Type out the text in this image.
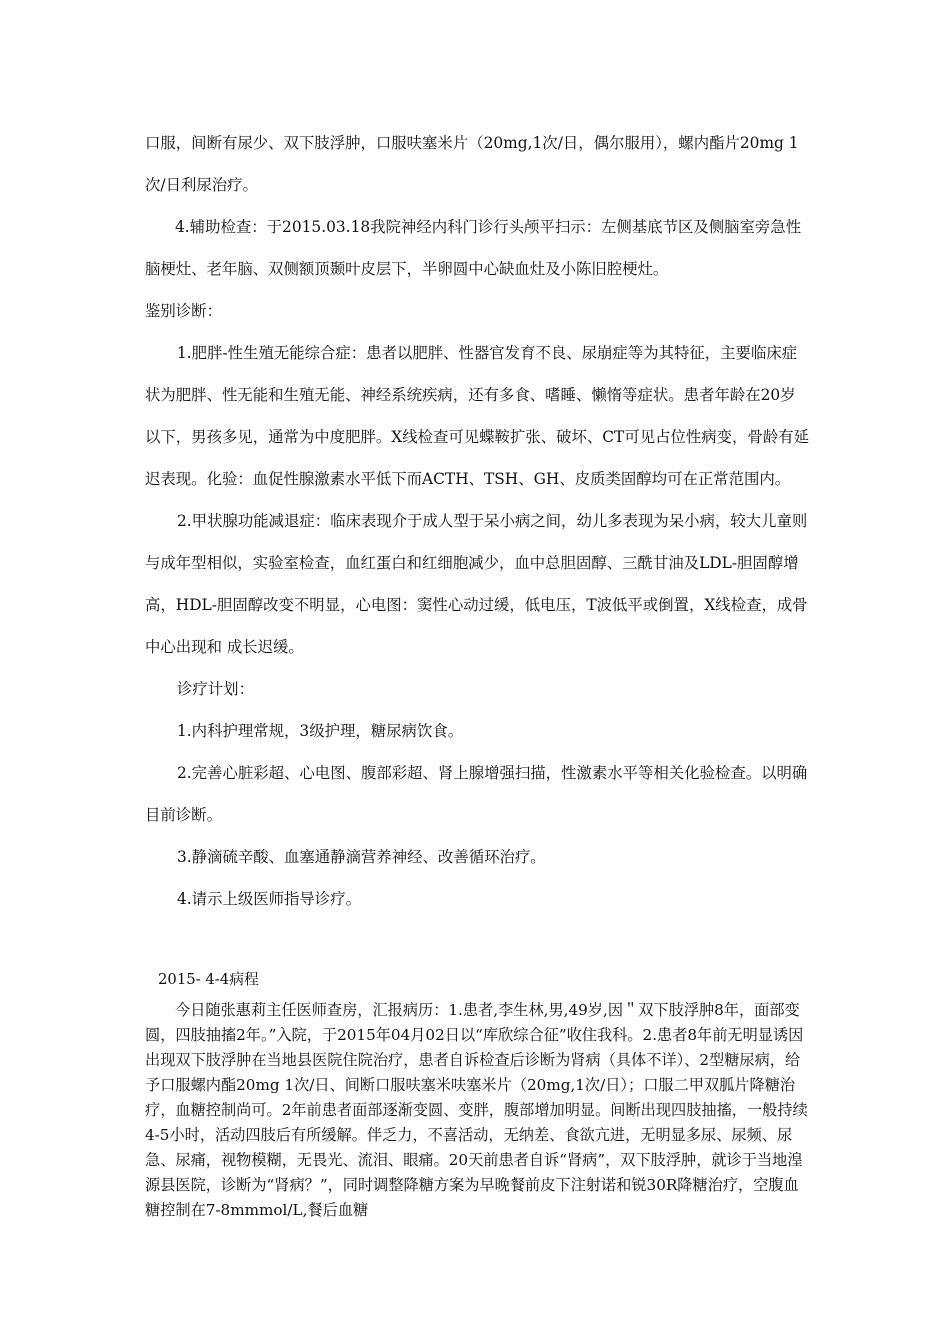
口服，间断有尿少、双下肢浮肿，口服呋塞米片（20mg,1次/日，偶尔服用），螺内酯片20mg 1次/日利尿治疗。

4.辅助检查：于2015.03.18我院神经内科门诊行头颅平扫示：左侧基底节区及侧脑室旁急性脑梗灶、老年脑、双侧额顶颞叶皮层下，半卵圆中心缺血灶及小陈旧腔梗灶。

鉴别诊断：

1.肥胖-性生殖无能综合症：患者以肥胖、性器官发育不良、尿崩症等为其特征，主要临床症状为肥胖、性无能和生殖无能、神经系统疾病，还有多食、嗜睡、懒惰等症状。患者年龄在20岁以下，男孩多见，通常为中度肥胖。X线检查可见蝶鞍扩张、破坏、CT可见占位性病变，骨龄有延迟表现。化验：血促性腺激素水平低下而ACTH、TSH、GH、皮质类固醇均可在正常范围内。

2.甲状腺功能减退症：临床表现介于成人型于呆小病之间，幼儿多表现为呆小病，较大儿童则与成年型相似，实验室检查，血红蛋白和红细胞减少，血中总胆固醇、三酰甘油及LDL-胆固醇增高，HDL-胆固醇改变不明显，心电图：窦性心动过缓，低电压，T波低平或倒置，X线检查，成骨中心出现和 成长迟缓。

诊疗计划：

1.内科护理常规，3级护理，糖尿病饮食。

2.完善心脏彩超、心电图、腹部彩超、肾上腺增强扫描，性激素水平等相关化验检查。以明确目前诊断。

3.静滴硫辛酸、血塞通静滴营养神经、改善循环治疗。

4.请示上级医师指导诊疗。

2015- 4-4病程

今日随张惠莉主任医师查房，汇报病历：1.患者,李生林,男,49岁,因＂双下肢浮肿8年，面部变圆，四肢抽搐2年。”入院，于2015年04月02日以“库欣综合征”收住我科。2.患者8年前无明显诱因出现双下肢浮肿在当地县医院住院治疗，患者自诉检查后诊断为肾病（具体不详）、2型糖尿病，给予口服螺内酯20mg 1次/日、间断口服呋塞米呋塞米片（20mg,1次/日）；口服二甲双胍片降糖治疗，血糖控制尚可。2年前患者面部逐渐变圆、变胖，腹部增加明显。间断出现四肢抽搐，一般持续4-5小时，活动四肢后有所缓解。伴乏力，不喜活动，无纳差、食欲亢进，无明显多尿、尿频、尿急、尿痛，视物模糊，无畏光、流泪、眼痛。20天前患者自诉“肾病”，双下肢浮肿，就诊于当地湟源县医院，诊断为“肾病？”，同时调整降糖方案为早晚餐前皮下注射诺和锐30R降糖治疗，空腹血糖控制在7-8mmmol/L,餐后血糖
